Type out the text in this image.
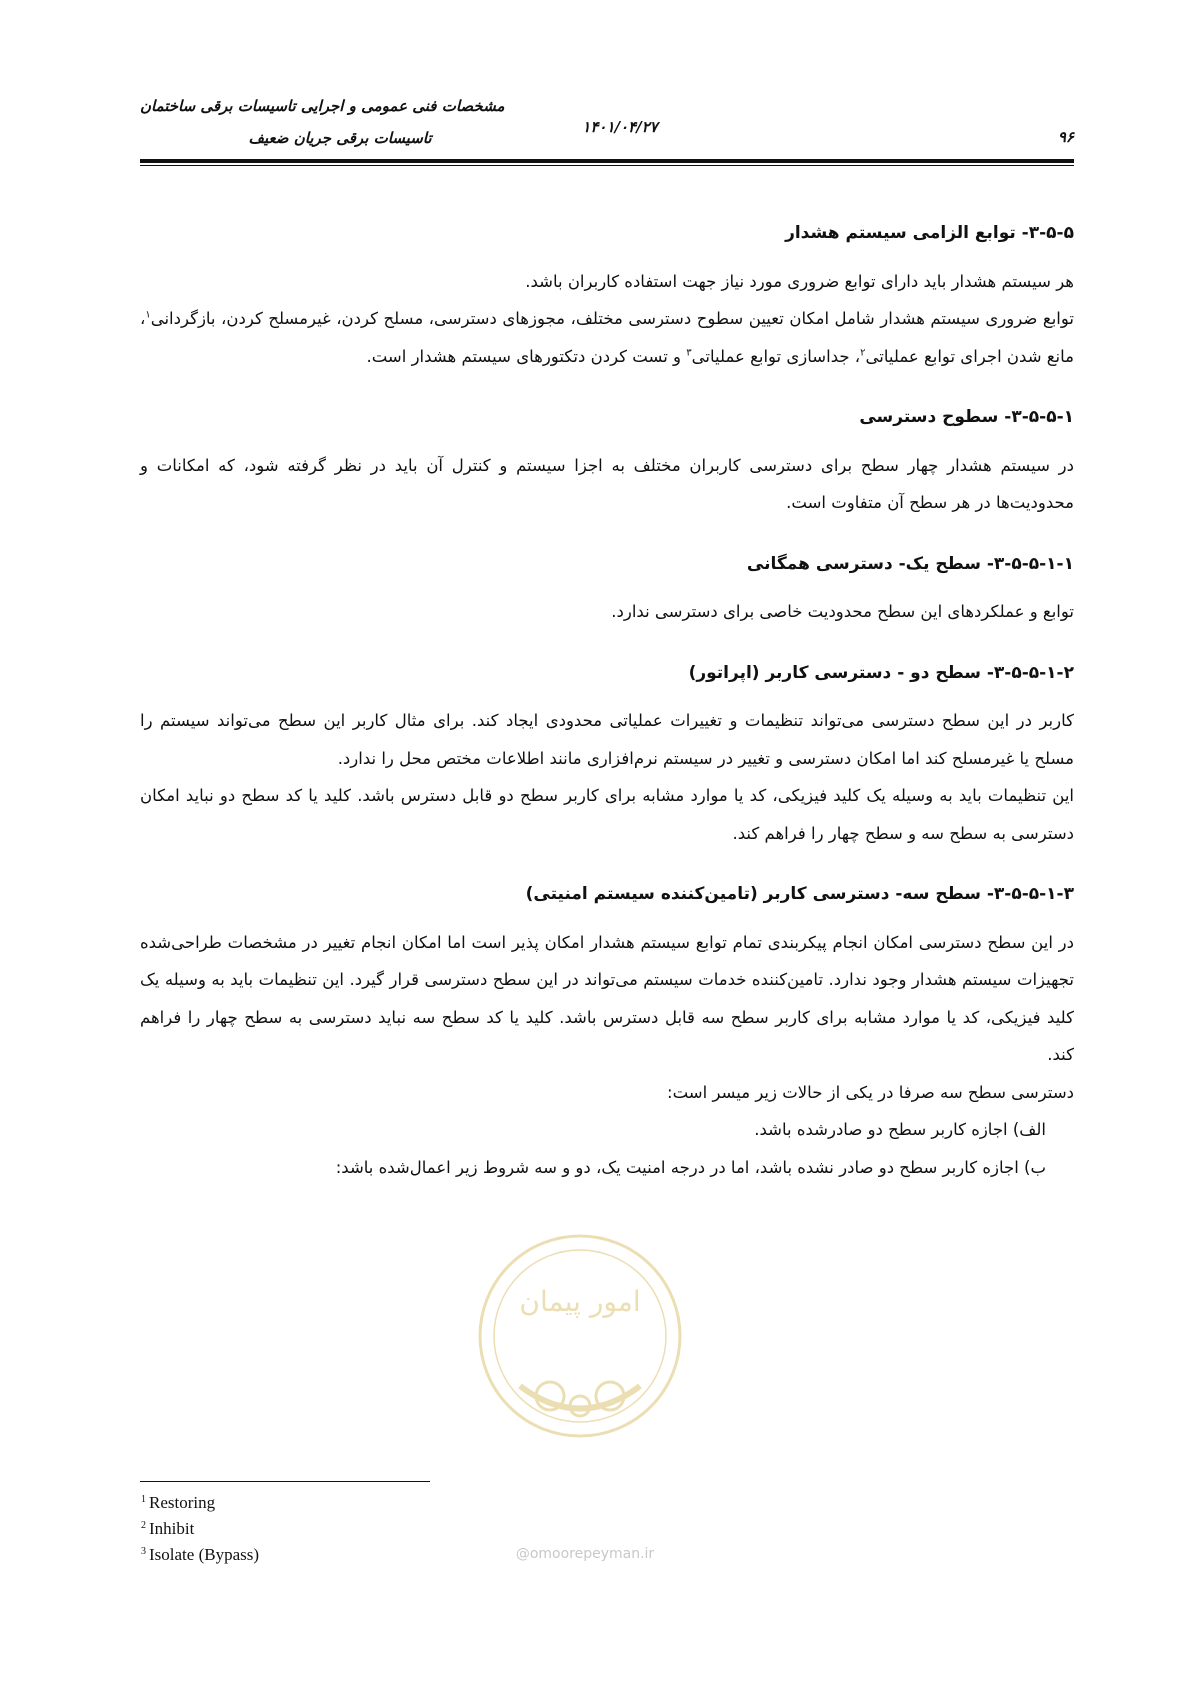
مشخصات فنی عمومی و اجرایی تاسیسات برقی ساختمان
۱۴۰۱/۰۴/۲۷
تاسیسات برقی جریان ضعیف	۹۶

۳-۵-۵- توابع الزامی سیستم هشدار

هر سیستم هشدار باید دارای توابع ضروری مورد نیاز جهت استفاده کاربران باشد.

توابع ضروری سیستم هشدار شامل امکان تعیین سطوح دسترسی مختلف، مجوزهای دسترسی، مسلح کردن، غیرمسلح کردن، بازگردانی$^۱$، مانع شدن اجرای توابع عملیاتی$^۲$، جداسازی توابع عملیاتی$^۳$ و تست کردن دتکتورهای سیستم هشدار است.

۳-۵-۵-۱- سطوح دسترسی

در سیستم هشدار چهار سطح برای دسترسی کاربران مختلف به اجزا سیستم و کنترل آن باید در نظر گرفته شود، که امکانات و محدودیت‌ها در هر سطح آن متفاوت است.

۳-۵-۵-۱-۱- سطح یک- دسترسی همگانی

توابع و عملکردهای این سطح محدودیت خاصی برای دسترسی ندارد.

۳-۵-۵-۱-۲- سطح دو - دسترسی کاربر (اپراتور)

کاربر در این سطح دسترسی می‌تواند تنظیمات و تغییرات عملیاتی محدودی ایجاد کند. برای مثال کاربر این سطح می‌تواند سیستم را مسلح یا غیرمسلح کند اما امکان دسترسی و تغییر در سیستم نرم‌افزاری مانند اطلاعات مختص محل را ندارد.

این تنظیمات باید به وسیله یک کلید فیزیکی، کد یا موارد مشابه برای کاربر سطح دو قابل دسترس باشد. کلید یا کد سطح دو نباید امکان دسترسی به سطح سه و سطح چهار را فراهم کند.

۳-۵-۵-۱-۳- سطح سه- دسترسی کاربر (تامین‌کننده سیستم امنیتی)

در این سطح دسترسی امکان انجام پیکربندی تمام توابع سیستم هشدار امکان پذیر است اما امکان انجام تغییر در مشخصات طراحی‌شده تجهیزات سیستم هشدار وجود ندارد. تامین‌کننده خدمات سیستم می‌تواند در این سطح دسترسی قرار گیرد. این تنظیمات باید به وسیله یک کلید فیزیکی، کد یا موارد مشابه برای کاربر سطح سه قابل دسترس باشد. کلید یا کد سطح سه نباید دسترسی به سطح چهار را فراهم کند.

دسترسی سطح سه صرفا در یکی از حالات زیر میسر است:

الف) اجازه کاربر سطح دو صادرشده باشد.

ب) اجازه کاربر سطح دو صادر نشده باشد، اما در درجه امنیت یک، دو و سه شروط زیر اعمال‌شده باشد:

امور پیمان
@omoorepeyman.ir
$^1$ Restoring
$^2$ Inhibit
$^3$ Isolate (Bypass)
